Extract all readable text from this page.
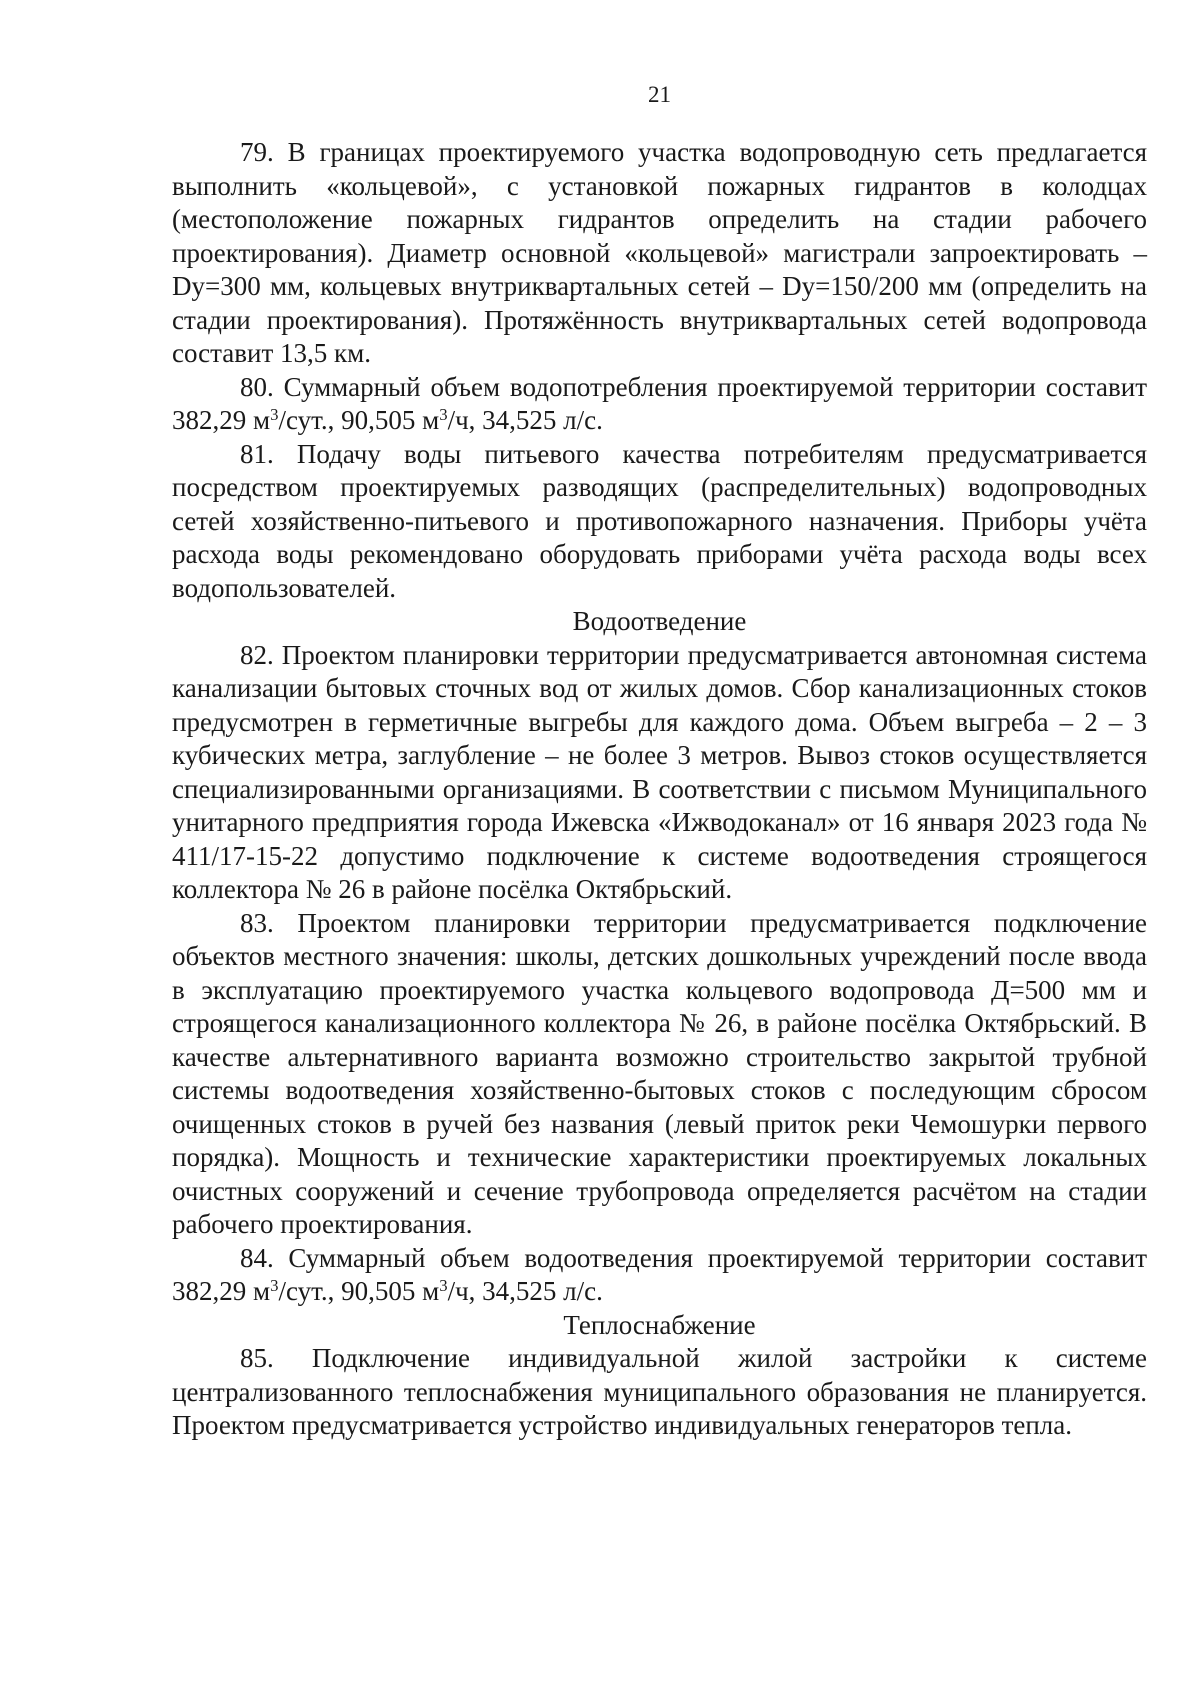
21

79. В границах проектируемого участка водопроводную сеть предлагается выполнить «кольцевой», с установкой пожарных гидрантов в колодцах (местоположение пожарных гидрантов определить на стадии рабочего проектирования). Диаметр основной «кольцевой» магистрали запроектировать – Dу=300 мм, кольцевых внутриквартальных сетей – Dу=150/200 мм (определить на стадии проектирования). Протяжённость внутриквартальных сетей водопровода составит 13,5 км.

80. Суммарный объем водопотребления проектируемой территории составит 382,29 $м^3$/сут., 90,505 $м^3/ч$, 34,525 л/с.

81. Подачу воды питьевого качества потребителям предусматривается посредством проектируемых разводящих (распределительных) водопроводных сетей хозяйственно-питьевого и противопожарного назначения. Приборы учёта расхода воды рекомендовано оборудовать приборами учёта расхода воды всех водопользователей.

Водоотведение

82. Проектом планировки территории предусматривается автономная система канализации бытовых сточных вод от жилых домов. Сбор канализационных стоков предусмотрен в герметичные выгребы для каждого дома. Объем выгреба – 2 – 3 кубических метра, заглубление – не более 3 метров. Вывоз стоков осуществляется специализированными организациями. В соответствии с письмом Муниципального унитарного предприятия города Ижевска «Ижводоканал» от 16 января 2023 года № 411/17-15-22 допустимо подключение к системе водоотведения строящегося коллектора № 26 в районе посёлка Октябрьский.

83. Проектом планировки территории предусматривается подключение объектов местного значения: школы, детских дошкольных учреждений после ввода в эксплуатацию проектируемого участка кольцевого водопровода Д=500 мм и строящегося канализационного коллектора № 26, в районе посёлка Октябрьский. В качестве альтернативного варианта возможно строительство закрытой трубной системы водоотведения хозяйственно-бытовых стоков с последующим сбросом очищенных стоков в ручей без названия (левый приток реки Чемошурки первого порядка). Мощность и технические характеристики проектируемых локальных очистных сооружений и сечение трубопровода определяется расчётом на стадии рабочего проектирования.

84. Суммарный объем водоотведения проектируемой территории составит 382,29 $м^3$/сут., 90,505 $м^3/ч$, 34,525 л/с.

Теплоснабжение

85. Подключение индивидуальной жилой застройки к системе централизованного теплоснабжения муниципального образования не планируется. Проектом предусматривается устройство индивидуальных генераторов тепла.
